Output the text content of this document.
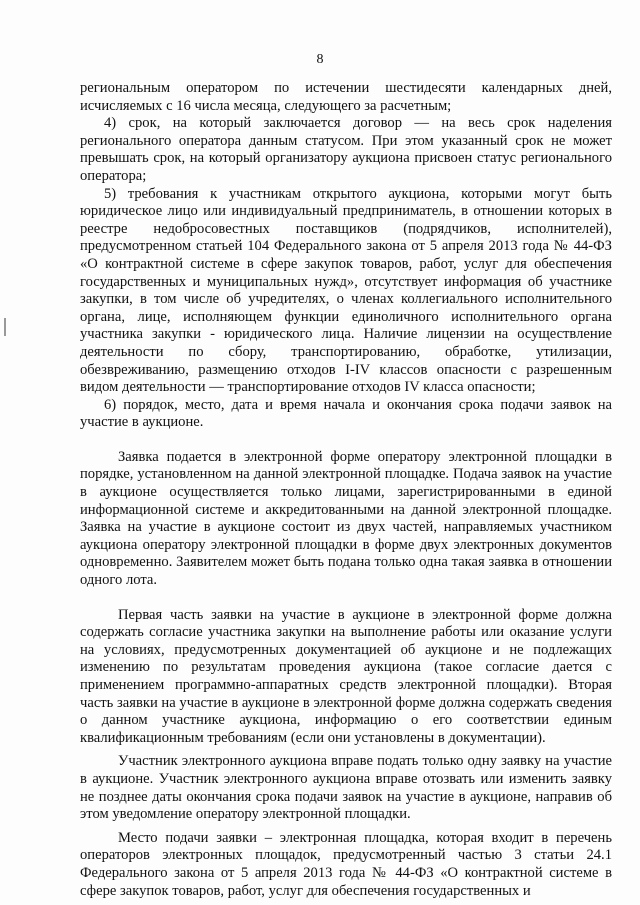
8

региональным оператором по истечении шестидесяти календарных дней, исчисляемых с 16 числа месяца, следующего за расчетным;

4) срок, на который заключается договор — на весь срок наделения регионального оператора данным статусом. При этом указанный срок не может превышать срок, на который организатору аукциона присвоен статус регионального оператора;

5) требования к участникам открытого аукциона, которыми могут быть юридическое лицо или индивидуальный предприниматель, в отношении которых в реестре недобросовестных поставщиков (подрядчиков, исполнителей), предусмотренном статьей 104 Федерального закона от 5 апреля 2013 года № 44-ФЗ «О контрактной системе в сфере закупок товаров, работ, услуг для обеспечения государственных и муниципальных нужд», отсутствует информация об участнике закупки, в том числе об учредителях, о членах коллегиального исполнительного органа, лице, исполняющем функции единоличного исполнительного органа участника закупки - юридического лица. Наличие лицензии на осуществление деятельности по сбору, транспортированию, обработке, утилизации, обезвреживанию, размещению отходов I-IV классов опасности с разрешенным видом деятельности — транспортирование отходов IV класса опасности;

6) порядок, место, дата и время начала и окончания срока подачи заявок на участие в аукционе.

Заявка подается в электронной форме оператору электронной площадки в порядке, установленном на данной электронной площадке. Подача заявок на участие в аукционе осуществляется только лицами, зарегистрированными в единой информационной системе и аккредитованными на данной электронной площадке. Заявка на участие в аукционе состоит из двух частей, направляемых участником аукциона оператору электронной площадки в форме двух электронных документов одновременно. Заявителем может быть подана только одна такая заявка в отношении одного лота.

Первая часть заявки на участие в аукционе в электронной форме должна содержать согласие участника закупки на выполнение работы или оказание услуги на условиях, предусмотренных документацией об аукционе и не подлежащих изменению по результатам проведения аукциона (такое согласие дается с применением программно-аппаратных средств электронной площадки). Вторая часть заявки на участие в аукционе в электронной форме должна содержать сведения о данном участнике аукциона, информацию о его соответствии единым квалификационным требованиям (если они установлены в документации).

Участник электронного аукциона вправе подать только одну заявку на участие в аукционе. Участник электронного аукциона вправе отозвать или изменить заявку не позднее даты окончания срока подачи заявок на участие в аукционе, направив об этом уведомление оператору электронной площадки.

Место подачи заявки – электронная площадка, которая входит в перечень операторов электронных площадок, предусмотренный частью 3 статьи 24.1 Федерального закона от 5 апреля 2013 года № 44-ФЗ «О контрактной системе в сфере закупок товаров, работ, услуг для обеспечения государственных и
